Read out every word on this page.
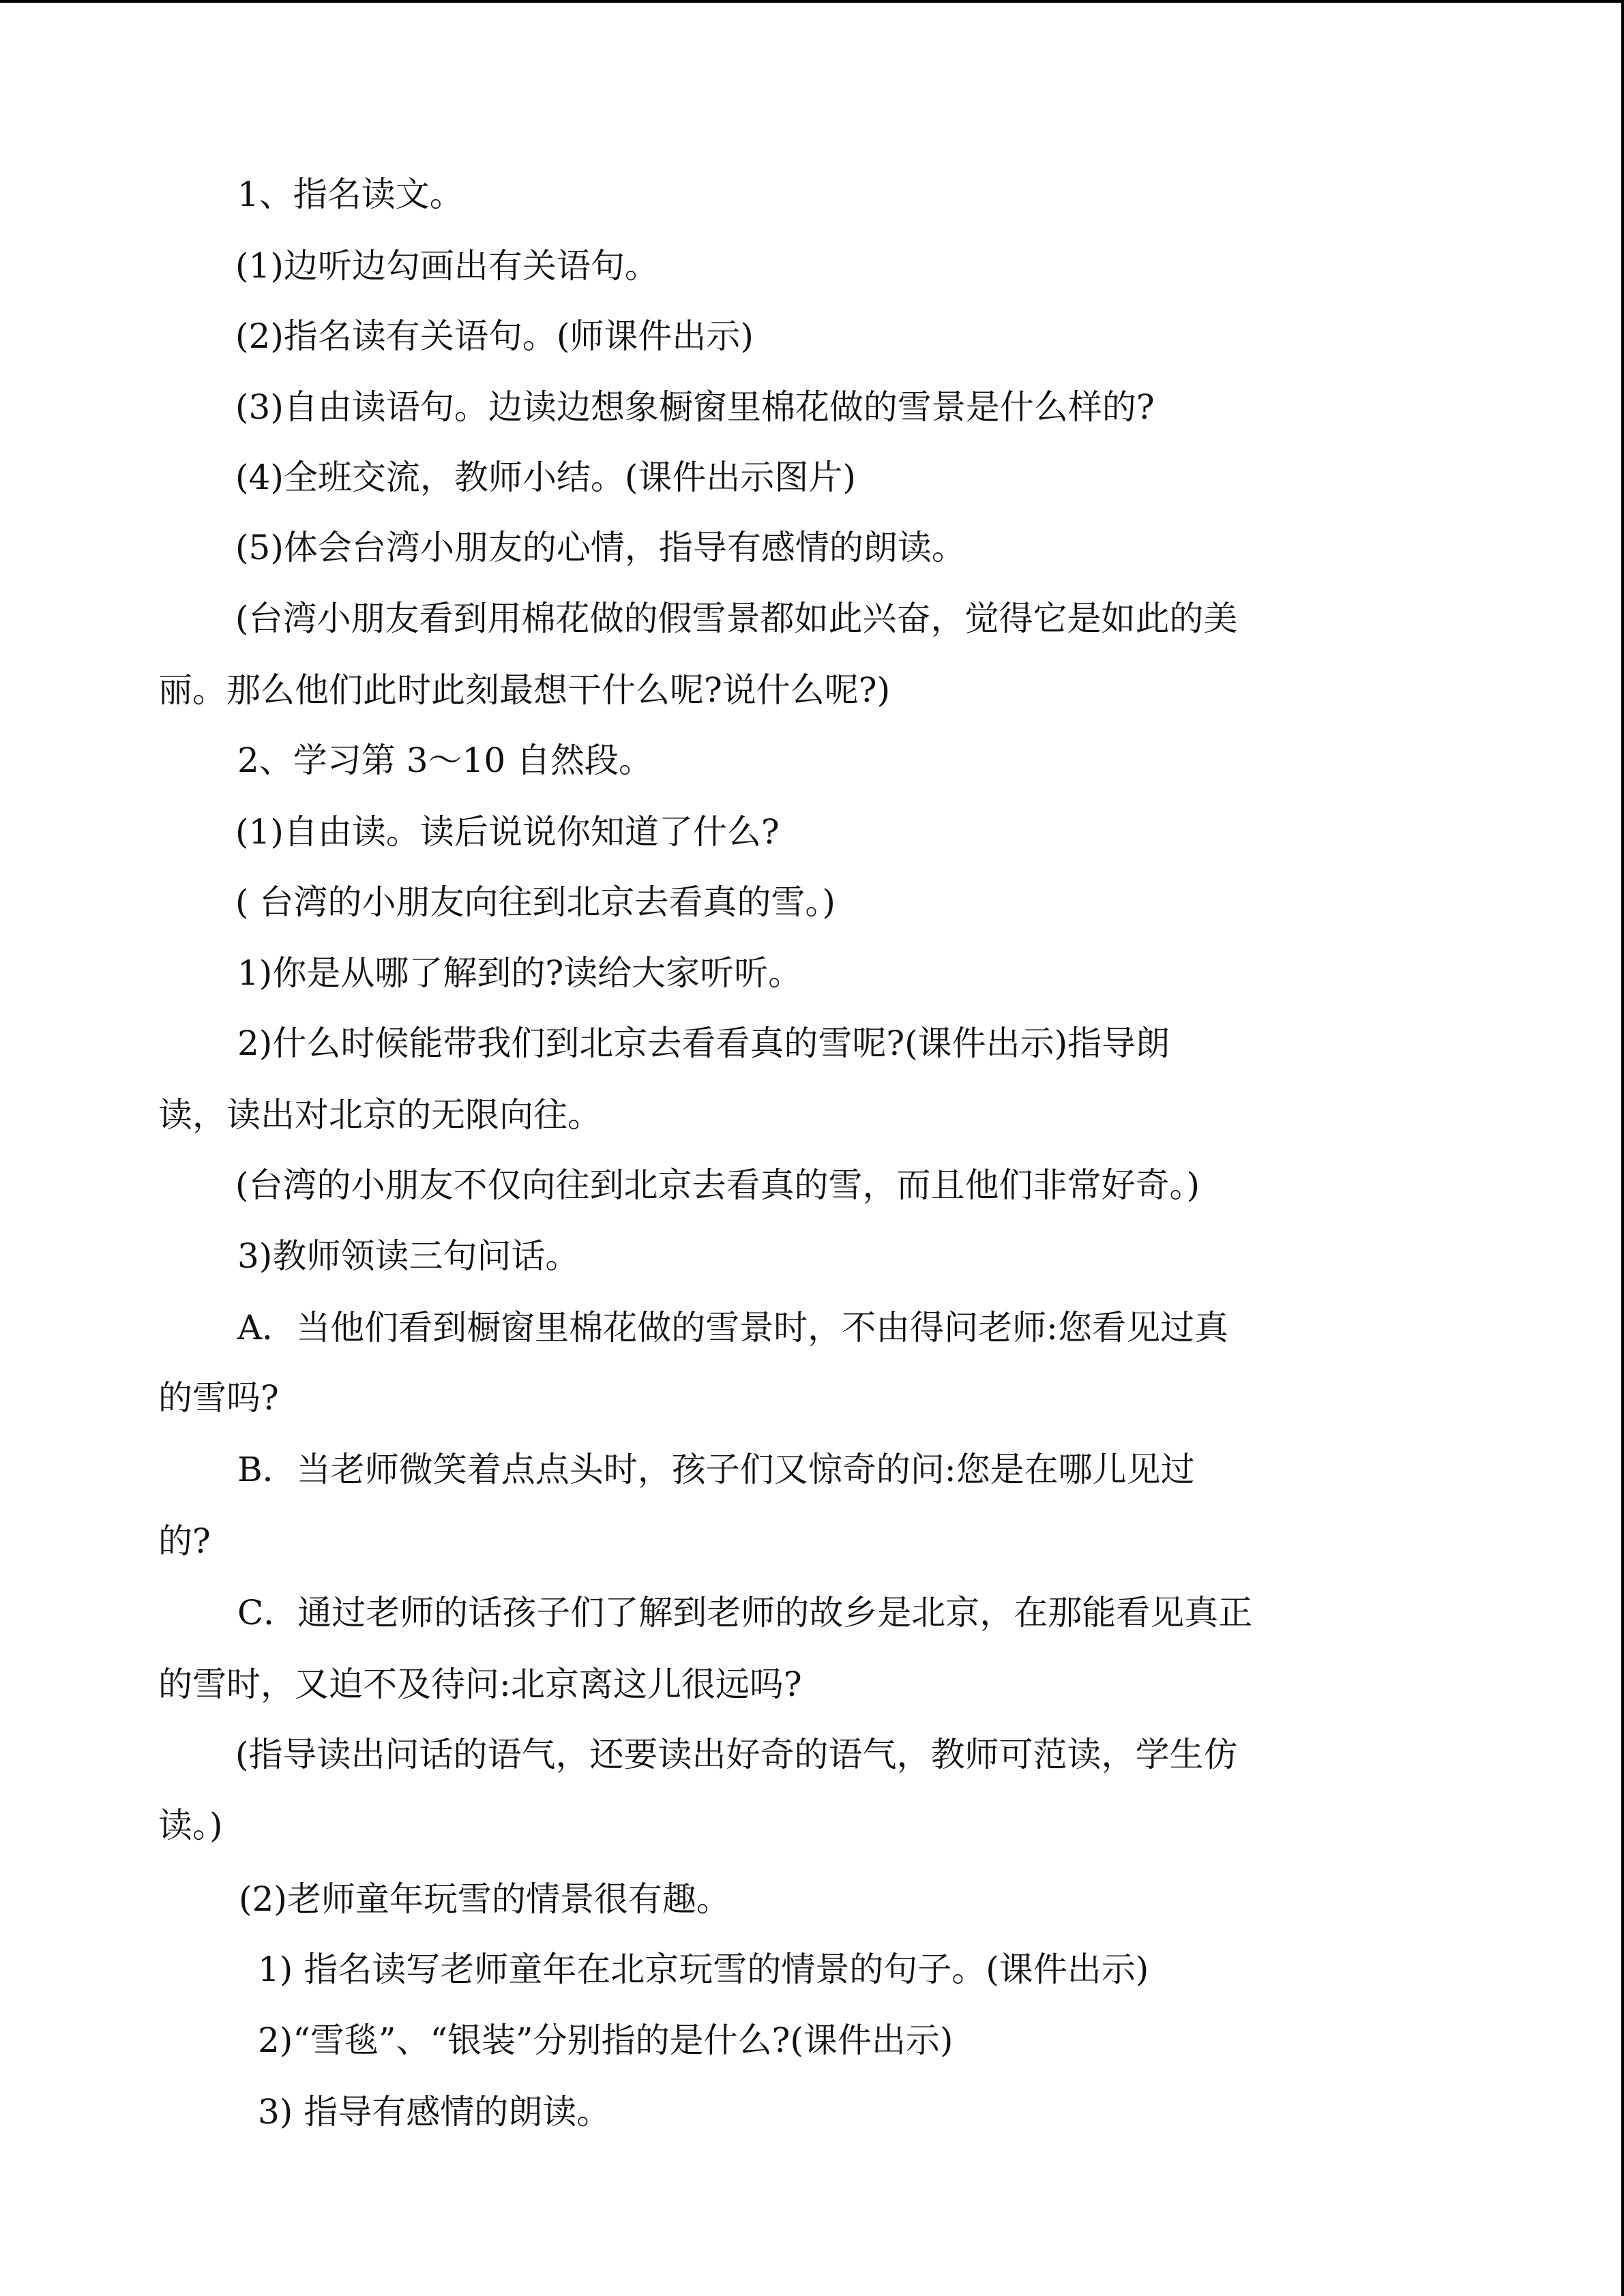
1、指名读文。
(1)边听边勾画出有关语句。
(2)指名读有关语句。(师课件出示)
(3)自由读语句。边读边想象橱窗里棉花做的雪景是什么样的?
(4)全班交流，教师小结。(课件出示图片)
(5)体会台湾小朋友的心情，指导有感情的朗读。
(台湾小朋友看到用棉花做的假雪景都如此兴奋，觉得它是如此的美
丽。那么他们此时此刻最想干什么呢?说什么呢?)
2、学习第 3～10 自然段。
(1)自由读。读后说说你知道了什么?
( 台湾的小朋友向往到北京去看真的雪。)
1)你是从哪了解到的?读给大家听听。
2)什么时候能带我们到北京去看看真的雪呢?(课件出示)指导朗
读，读出对北京的无限向往。
(台湾的小朋友不仅向往到北京去看真的雪，而且他们非常好奇。)
3)教师领读三句问话。
A．当他们看到橱窗里棉花做的雪景时，不由得问老师:您看见过真
的雪吗?
B．当老师微笑着点点头时，孩子们又惊奇的问:您是在哪儿见过
的?
C．通过老师的话孩子们了解到老师的故乡是北京，在那能看见真正
的雪时，又迫不及待问:北京离这儿很远吗?
(指导读出问话的语气，还要读出好奇的语气，教师可范读，学生仿
读。)
(2)老师童年玩雪的情景很有趣。
1) 指名读写老师童年在北京玩雪的情景的句子。(课件出示)
2)“雪毯”、“银装”分别指的是什么?(课件出示)
3) 指导有感情的朗读。
